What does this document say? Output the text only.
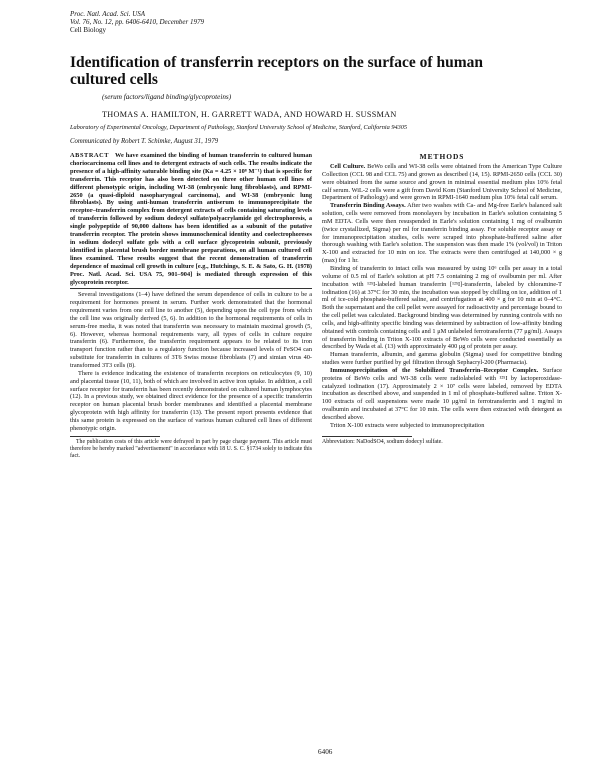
Proc. Natl. Acad. Sci. USA
Vol. 76, No. 12, pp. 6406-6410, December 1979
Cell Biology
Identification of transferrin receptors on the surface of human cultured cells
(serum factors/ligand binding/glycoproteins)
THOMAS A. HAMILTON, H. GARRETT WADA, AND HOWARD H. SUSSMAN
Laboratory of Experimental Oncology, Department of Pathology, Stanford University School of Medicine, Stanford, California 94305
Communicated by Robert T. Schimke, August 31, 1979

ABSTRACT We have examined the binding of human transferrin to cultured human choriocarcinoma cell lines and to detergent extracts of such cells. The results indicate the presence of a high-affinity saturable binding site (Ka = 4.25 × 10⁸ M⁻¹) that is specific for transferrin. This receptor has also been detected on three other human cell lines of different phenotypic origin, including WI-38 (embryonic lung fibroblasts), and RPMI-2650 (a quasi-diploid nasopharyngeal carcinoma), and WI-38 (embryonic lung fibroblasts). By using anti-human transferrin antiserum to immunoprecipitate the receptor–transferrin complex from detergent extracts of cells containing saturating levels of transferrin followed by sodium dodecyl sulfate/polyacrylamide gel electrophoresis, a single polypeptide of 90,000 daltons has been identified as a subunit of the putative transferrin receptor. The protein shows immunochemical identity and coelectrophoreses in sodium dodecyl sulfate gels with a cell surface glycoprotein subunit, previously identified in placental brush border membrane preparations, on all human cultured cell lines examined. These results suggest that the recent demonstration of transferrin dependence of maximal cell growth in culture [e.g., Hutchings, S. E. & Sato, G. H. (1978) Proc. Natl. Acad. Sci. USA 75, 901–904] is mediated through expression of this glycoprotein receptor.

Several investigations (1–4) have defined the serum dependence of cells in culture to be a requirement for hormones present in serum. Further work demonstrated that the hormonal requirement varies from one cell line to another (5), depending upon the cell type from which the cell line was originally derived (5, 6). In addition to the hormonal requirements of cells in serum-free media, it was noted that transferrin was necessary to maintain maximal growth (5, 6). However, whereas hormonal requirements vary, all types of cells in culture require transferrin (6). Furthermore, the transferrin requirement appears to be related to its iron transport function rather than to a regulatory function because increased levels of FeSO4 can substitute for transferrin in cultures of 3T6 Swiss mouse fibroblasts (7) and simian virus 40-transformed 3T3 cells (8).

There is evidence indicating the existence of transferrin receptors on reticulocytes (9, 10) and placental tissue (10, 11), both of which are involved in active iron uptake. In addition, a cell surface receptor for transferrin has been recently demonstrated on cultured human lymphocytes (12). In a previous study, we obtained direct evidence for the presence of a specific transferrin receptor on human placental brush border membranes and identified a placental membrane glycoprotein with high affinity for transferrin (13). The present report presents evidence that this same protein is expressed on the surface of various human cultured cell lines of different phenotypic origin.

The publication costs of this article were defrayed in part by page charge payment. This article must therefore be hereby marked "advertisement" in accordance with 18 U. S. C. §1734 solely to indicate this fact.

METHODS

Cell Culture. BeWo cells and WI-38 cells were obtained from the American Type Culture Collection (CCL 98 and CCL 75) and grown as described (14, 15). RPMI-2650 cells (CCL 30) were obtained from the same source and grown in minimal essential medium plus 10% fetal calf serum. WiL-2 cells were a gift from David Kom (Stanford University School of Medicine, Department of Pathology) and were grown in RPMI-1640 medium plus 10% fetal calf serum.

Transferrin Binding Assays. After two washes with Ca- and Mg-free Earle's balanced salt solution, cells were removed from monolayers by incubation in Earle's solution containing 5 mM EDTA. Cells were then resuspended in Earle's solution containing 1 mg of ovalbumin (twice crystallized, Sigma) per ml for transferrin binding assay. For soluble receptor assay or for immunoprecipitation studies, cells were scraped into phosphate-buffered saline after thorough washing with Earle's solution. The suspension was then made 1% (vol/vol) in Triton X-100 and extracted for 10 min on ice. The extracts were then centrifuged at 140,000 × g (max) for 1 hr.

Binding of transferrin to intact cells was measured by using 10⁶ cells per assay in a total volume of 0.5 ml of Earle's solution at pH 7.5 containing 2 mg of ovalbumin per ml. After incubation with ¹²⁵I-labeled human transferrin [¹²⁵I]-transferrin, labeled by chloramine-T iodination (16) at 37°C for 30 min, the incubation was stopped by chilling on ice, addition of 1 ml of ice-cold phosphate-buffered saline, and centrifugation at 400 × g for 10 min at 0–4°C. Both the supernatant and the cell pellet were assayed for radioactivity and percentage bound to the cell pellet was calculated. Background binding was determined by running controls with no cells, and high-affinity specific binding was determined by subtraction of low-affinity binding obtained with controls containing cells and 1 μM unlabeled ferrotransferrin (77 μg/ml). Assays of transferrin binding in Triton X-100 extracts of BeWo cells were conducted essentially as described by Wada et al. (13) with approximately 400 μg of protein per assay.

Human transferrin, albumin, and gamma globulin (Sigma) used for competitive binding studies were further purified by gel filtration through Sephacryl-200 (Pharmacia).

Immunoprecipitation of the Solubilized Transferrin–Receptor Complex. Surface proteins of BeWo cells and WI-38 cells were radiolabeled with ¹²⁵I by lactoperoxidase-catalyzed iodination (17). Approximately 2 × 10⁷ cells were labeled, removed by EDTA incubation as described above, and suspended in 1 ml of phosphate-buffered saline. Triton X-100 extracts of cell suspensions were made 10 μg/ml in ferrotransferrin and 1 mg/ml in ovalbumin and incubated at 37°C for 10 min. The cells were then extracted with detergent as described above.

Triton X-100 extracts were subjected to immunoprecipitation

Abbreviation: NaDodSO4, sodium dodecyl sulfate.

6406
